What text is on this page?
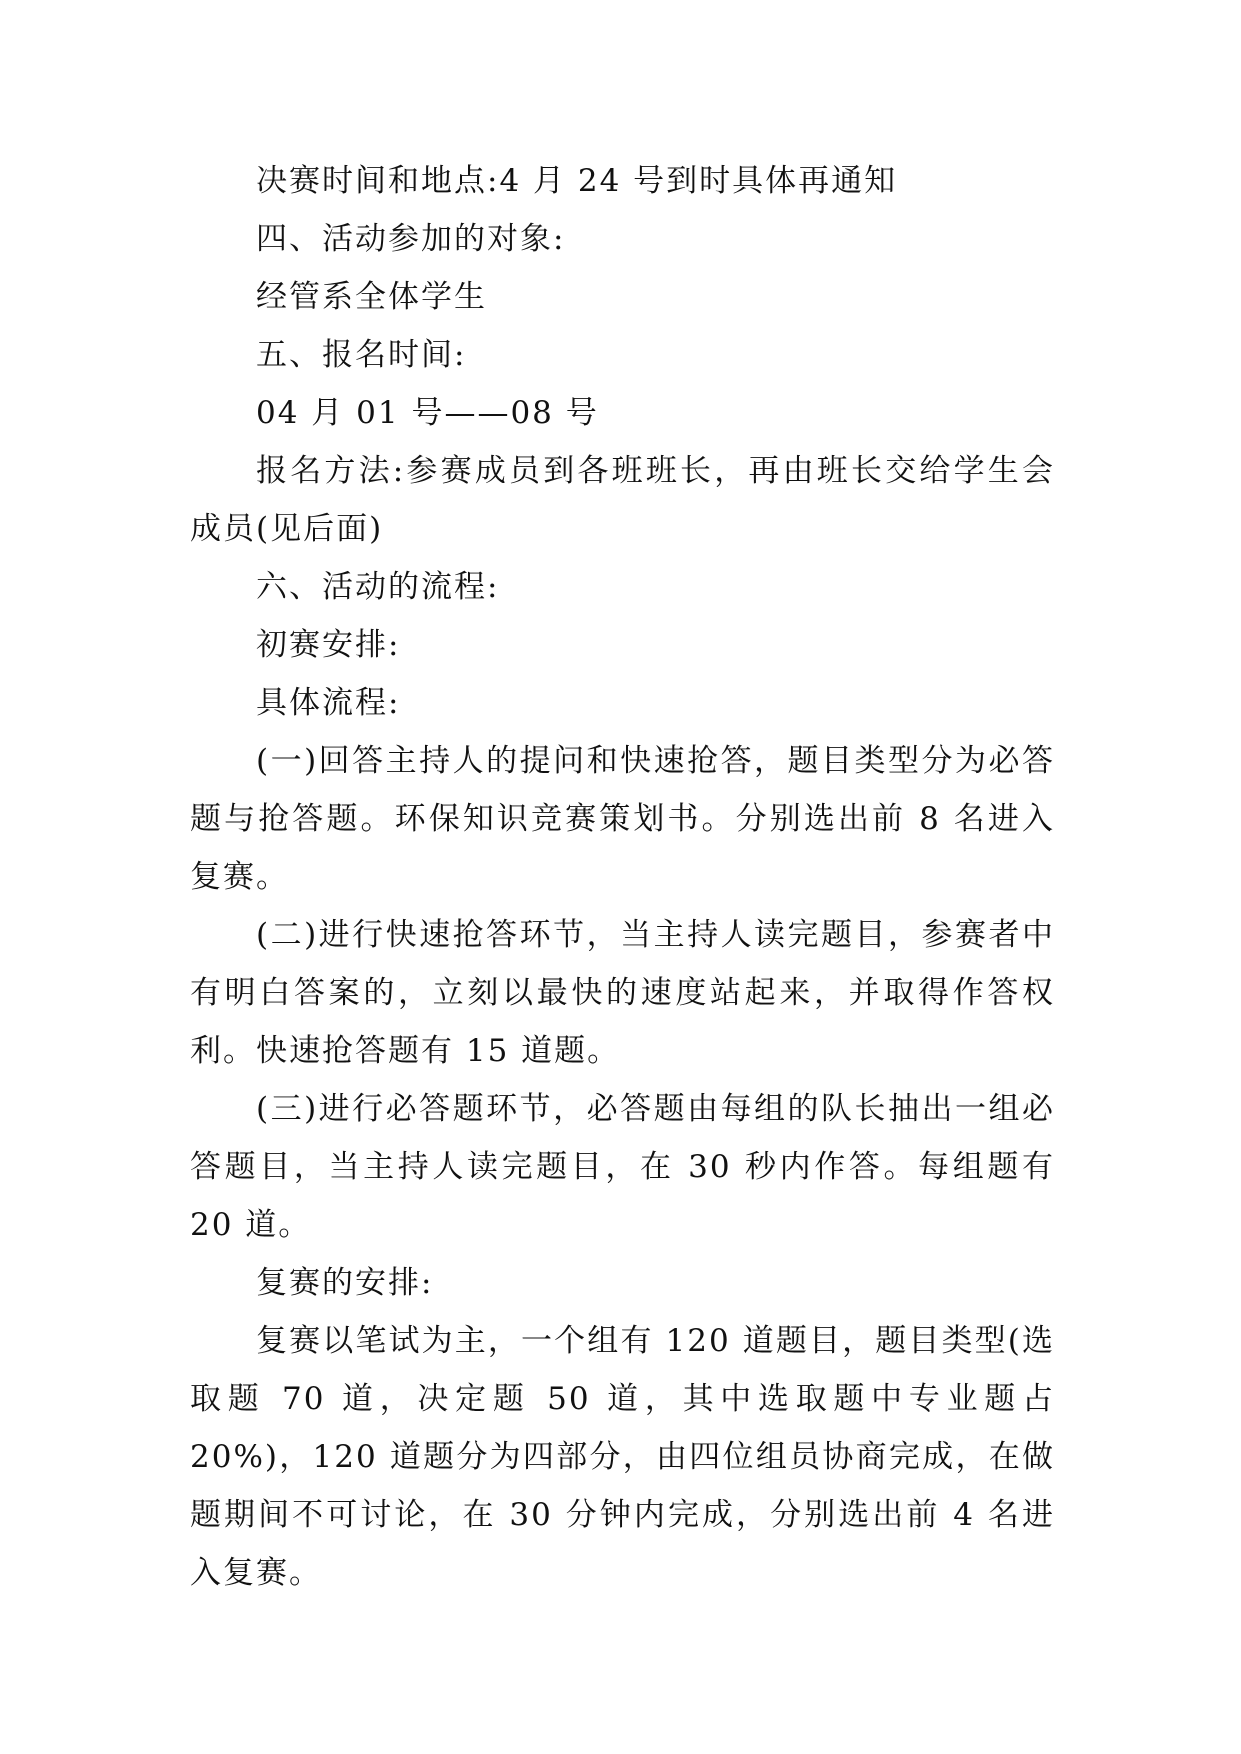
决赛时间和地点:4 月 24 号到时具体再通知

四、活动参加的对象:

经管系全体学生

五、报名时间:

04 月 01 号——08 号

报名方法:参赛成员到各班班长，再由班长交给学生会成员(见后面)

六、活动的流程:

初赛安排:

具体流程:

(一)回答主持人的提问和快速抢答，题目类型分为必答题与抢答题。环保知识竞赛策划书。分别选出前 8 名进入复赛。

(二)进行快速抢答环节，当主持人读完题目，参赛者中有明白答案的，立刻以最快的速度站起来，并取得作答权利。快速抢答题有 15 道题。

(三)进行必答题环节，必答题由每组的队长抽出一组必答题目，当主持人读完题目，在 30 秒内作答。每组题有 20 道。

复赛的安排:

复赛以笔试为主，一个组有 120 道题目，题目类型(选取题 70 道，决定题 50 道，其中选取题中专业题占 20%)，120 道题分为四部分，由四位组员协商完成，在做题期间不可讨论，在 30 分钟内完成，分别选出前 4 名进入复赛。
